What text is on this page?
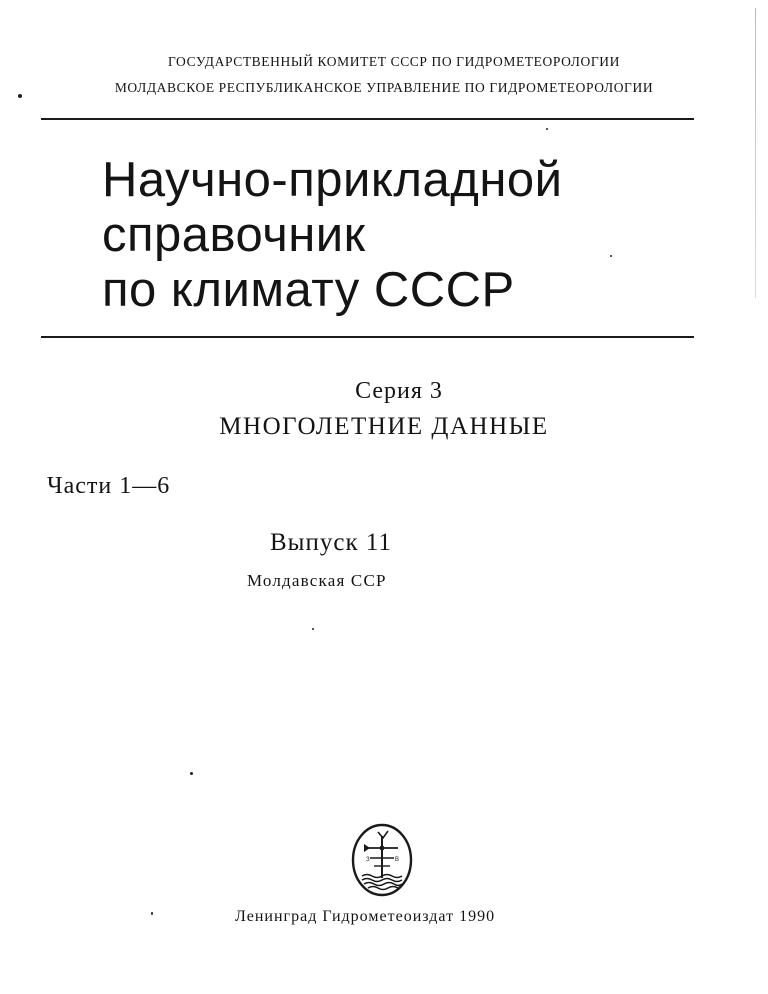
ГОСУДАРСТВЕННЫЙ КОМИТЕТ СССР ПО ГИДРОМЕТЕОРОЛОГИИ
МОЛДАВСКОЕ РЕСПУБЛИКАНСКОЕ УПРАВЛЕНИЕ ПО ГИДРОМЕТЕОРОЛОГИИ
Научно-прикладной
справочник
по климату СССР
Серия 3
МНОГОЛЕТНИЕ ДАННЫЕ
Части 1—6
Выпуск 11
Молдавская ССР
З	В
Ленинград Гидрометеоиздат 1990
